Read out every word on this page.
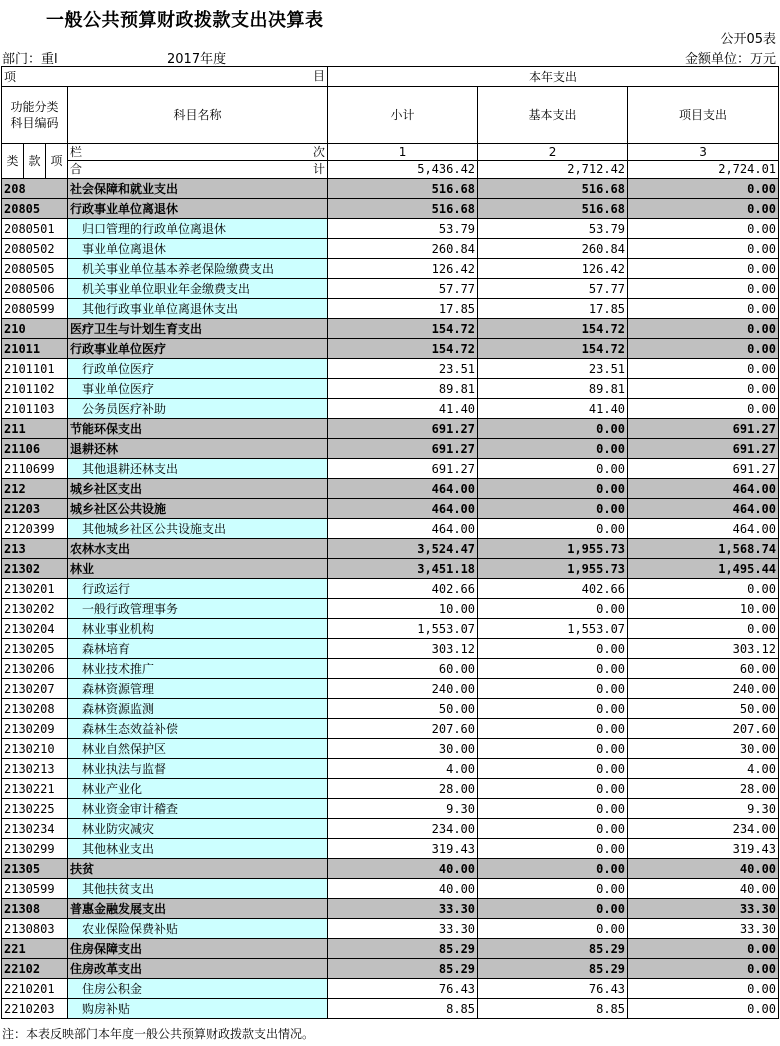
一般公共预算财政拨款支出决算表
公开05表
部门：重l	2017年度	金额单位：万元
项 目				本年支出		
功能分类
科目编码			科目名称	小计	基本支出	项目支出
类	款	项	栏 次	1	2	3
			合 计	5,436.42	2,712.42	2,724.01
208			社会保障和就业支出	516.68	516.68	0.00
20805			行政事业单位离退休	516.68	516.68	0.00
2080501			归口管理的行政单位离退休	53.79	53.79	0.00
2080502			事业单位离退休	260.84	260.84	0.00
2080505			机关事业单位基本养老保险缴费支出	126.42	126.42	0.00
2080506			机关事业单位职业年金缴费支出	57.77	57.77	0.00
2080599			其他行政事业单位离退休支出	17.85	17.85	0.00
210			医疗卫生与计划生育支出	154.72	154.72	0.00
21011			行政事业单位医疗	154.72	154.72	0.00
2101101			行政单位医疗	23.51	23.51	0.00
2101102			事业单位医疗	89.81	89.81	0.00
2101103			公务员医疗补助	41.40	41.40	0.00
211			节能环保支出	691.27	0.00	691.27
21106			退耕还林	691.27	0.00	691.27
2110699			其他退耕还林支出	691.27	0.00	691.27
212			城乡社区支出	464.00	0.00	464.00
21203			城乡社区公共设施	464.00	0.00	464.00
2120399			其他城乡社区公共设施支出	464.00	0.00	464.00
213			农林水支出	3,524.47	1,955.73	1,568.74
21302			林业	3,451.18	1,955.73	1,495.44
2130201			行政运行	402.66	402.66	0.00
2130202			一般行政管理事务	10.00	0.00	10.00
2130204			林业事业机构	1,553.07	1,553.07	0.00
2130205			森林培育	303.12	0.00	303.12
2130206			林业技术推广	60.00	0.00	60.00
2130207			森林资源管理	240.00	0.00	240.00
2130208			森林资源监测	50.00	0.00	50.00
2130209			森林生态效益补偿	207.60	0.00	207.60
2130210			林业自然保护区	30.00	0.00	30.00
2130213			林业执法与监督	4.00	0.00	4.00
2130221			林业产业化	28.00	0.00	28.00
2130225			林业资金审计稽查	9.30	0.00	9.30
2130234			林业防灾减灾	234.00	0.00	234.00
2130299			其他林业支出	319.43	0.00	319.43
21305			扶贫	40.00	0.00	40.00
2130599			其他扶贫支出	40.00	0.00	40.00
21308			普惠金融发展支出	33.30	0.00	33.30
2130803			农业保险保费补贴	33.30	0.00	33.30
221			住房保障支出	85.29	85.29	0.00
22102			住房改革支出	85.29	85.29	0.00
2210201			住房公积金	76.43	76.43	0.00
2210203			购房补贴	8.85	8.85	0.00
注：本表反映部门本年度一般公共预算财政拨款支出情况。
